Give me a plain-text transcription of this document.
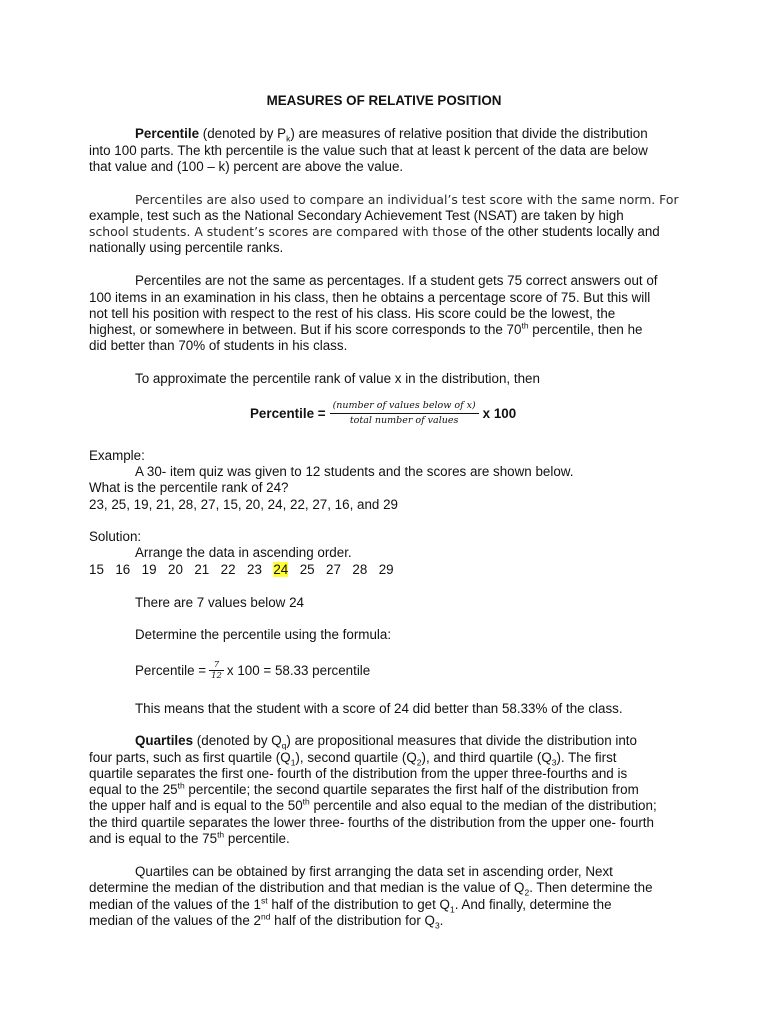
MEASURES OF RELATIVE POSITION
Percentile (denoted by $P_k$) are measures of relative position that divide the distribution
into 100 parts. The kth percentile is the value such that at least k percent of the data are below
that value and (100 – k) percent are above the value.
Percentiles are also used to compare an individual’s test score with the same norm. For
example, test such as the National Secondary Achievement Test (NSAT) are taken by high
school students. A student’s scores are compared with those of the other students locally and
nationally using percentile ranks.
Percentiles are not the same as percentages. If a student gets 75 correct answers out of
100 items in an examination in his class, then he obtains a percentage score of 75. But this will
not tell his position with respect to the rest of his class. His score could be the lowest, the
highest, or somewhere in between. But if his score corresponds to the 70th percentile, then he
did better than 70% of students in his class.
To approximate the percentile rank of value x in the distribution, then
Percentile = $\frac{\text{(number of values below of x)}}{\text{total number of values}}$ x 100
Example:
A 30- item quiz was given to 12 students and the scores are shown below.
What is the percentile rank of 24?
23, 25, 19, 21, 28, 27, 15, 20, 24, 22, 27, 16, and 29
Solution:
Arrange the data in ascending order.
15  16  19  20  21  22  23 24 25  27  28  29
There are 7 values below 24
Determine the percentile using the formula:
Percentile = $\frac{7}{12}$ x 100 = 58.33 percentile
This means that the student with a score of 24 did better than 58.33% of the class.
Quartiles (denoted by $Q_q$) are propositional measures that divide the distribution into
four parts, such as first quartile $(Q_1)$, second quartile $(Q_2)$, and third quartile $(Q_3)$. The first
quartile separates the first one- fourth of the distribution from the upper three-fourths and is
equal to the 25th percentile; the second quartile separates the first half of the distribution from
the upper half and is equal to the 50th percentile and also equal to the median of the distribution;
the third quartile separates the lower three- fourths of the distribution from the upper one- fourth
and is equal to the 75th percentile.
Quartiles can be obtained by first arranging the data set in ascending order, Next
determine the median of the distribution and that median is the value of $Q_2$. Then determine the
median of the values of the 1st half of the distribution to get $Q_1$. And finally, determine the
median of the values of the 2nd half of the distribution for $Q_3$.
